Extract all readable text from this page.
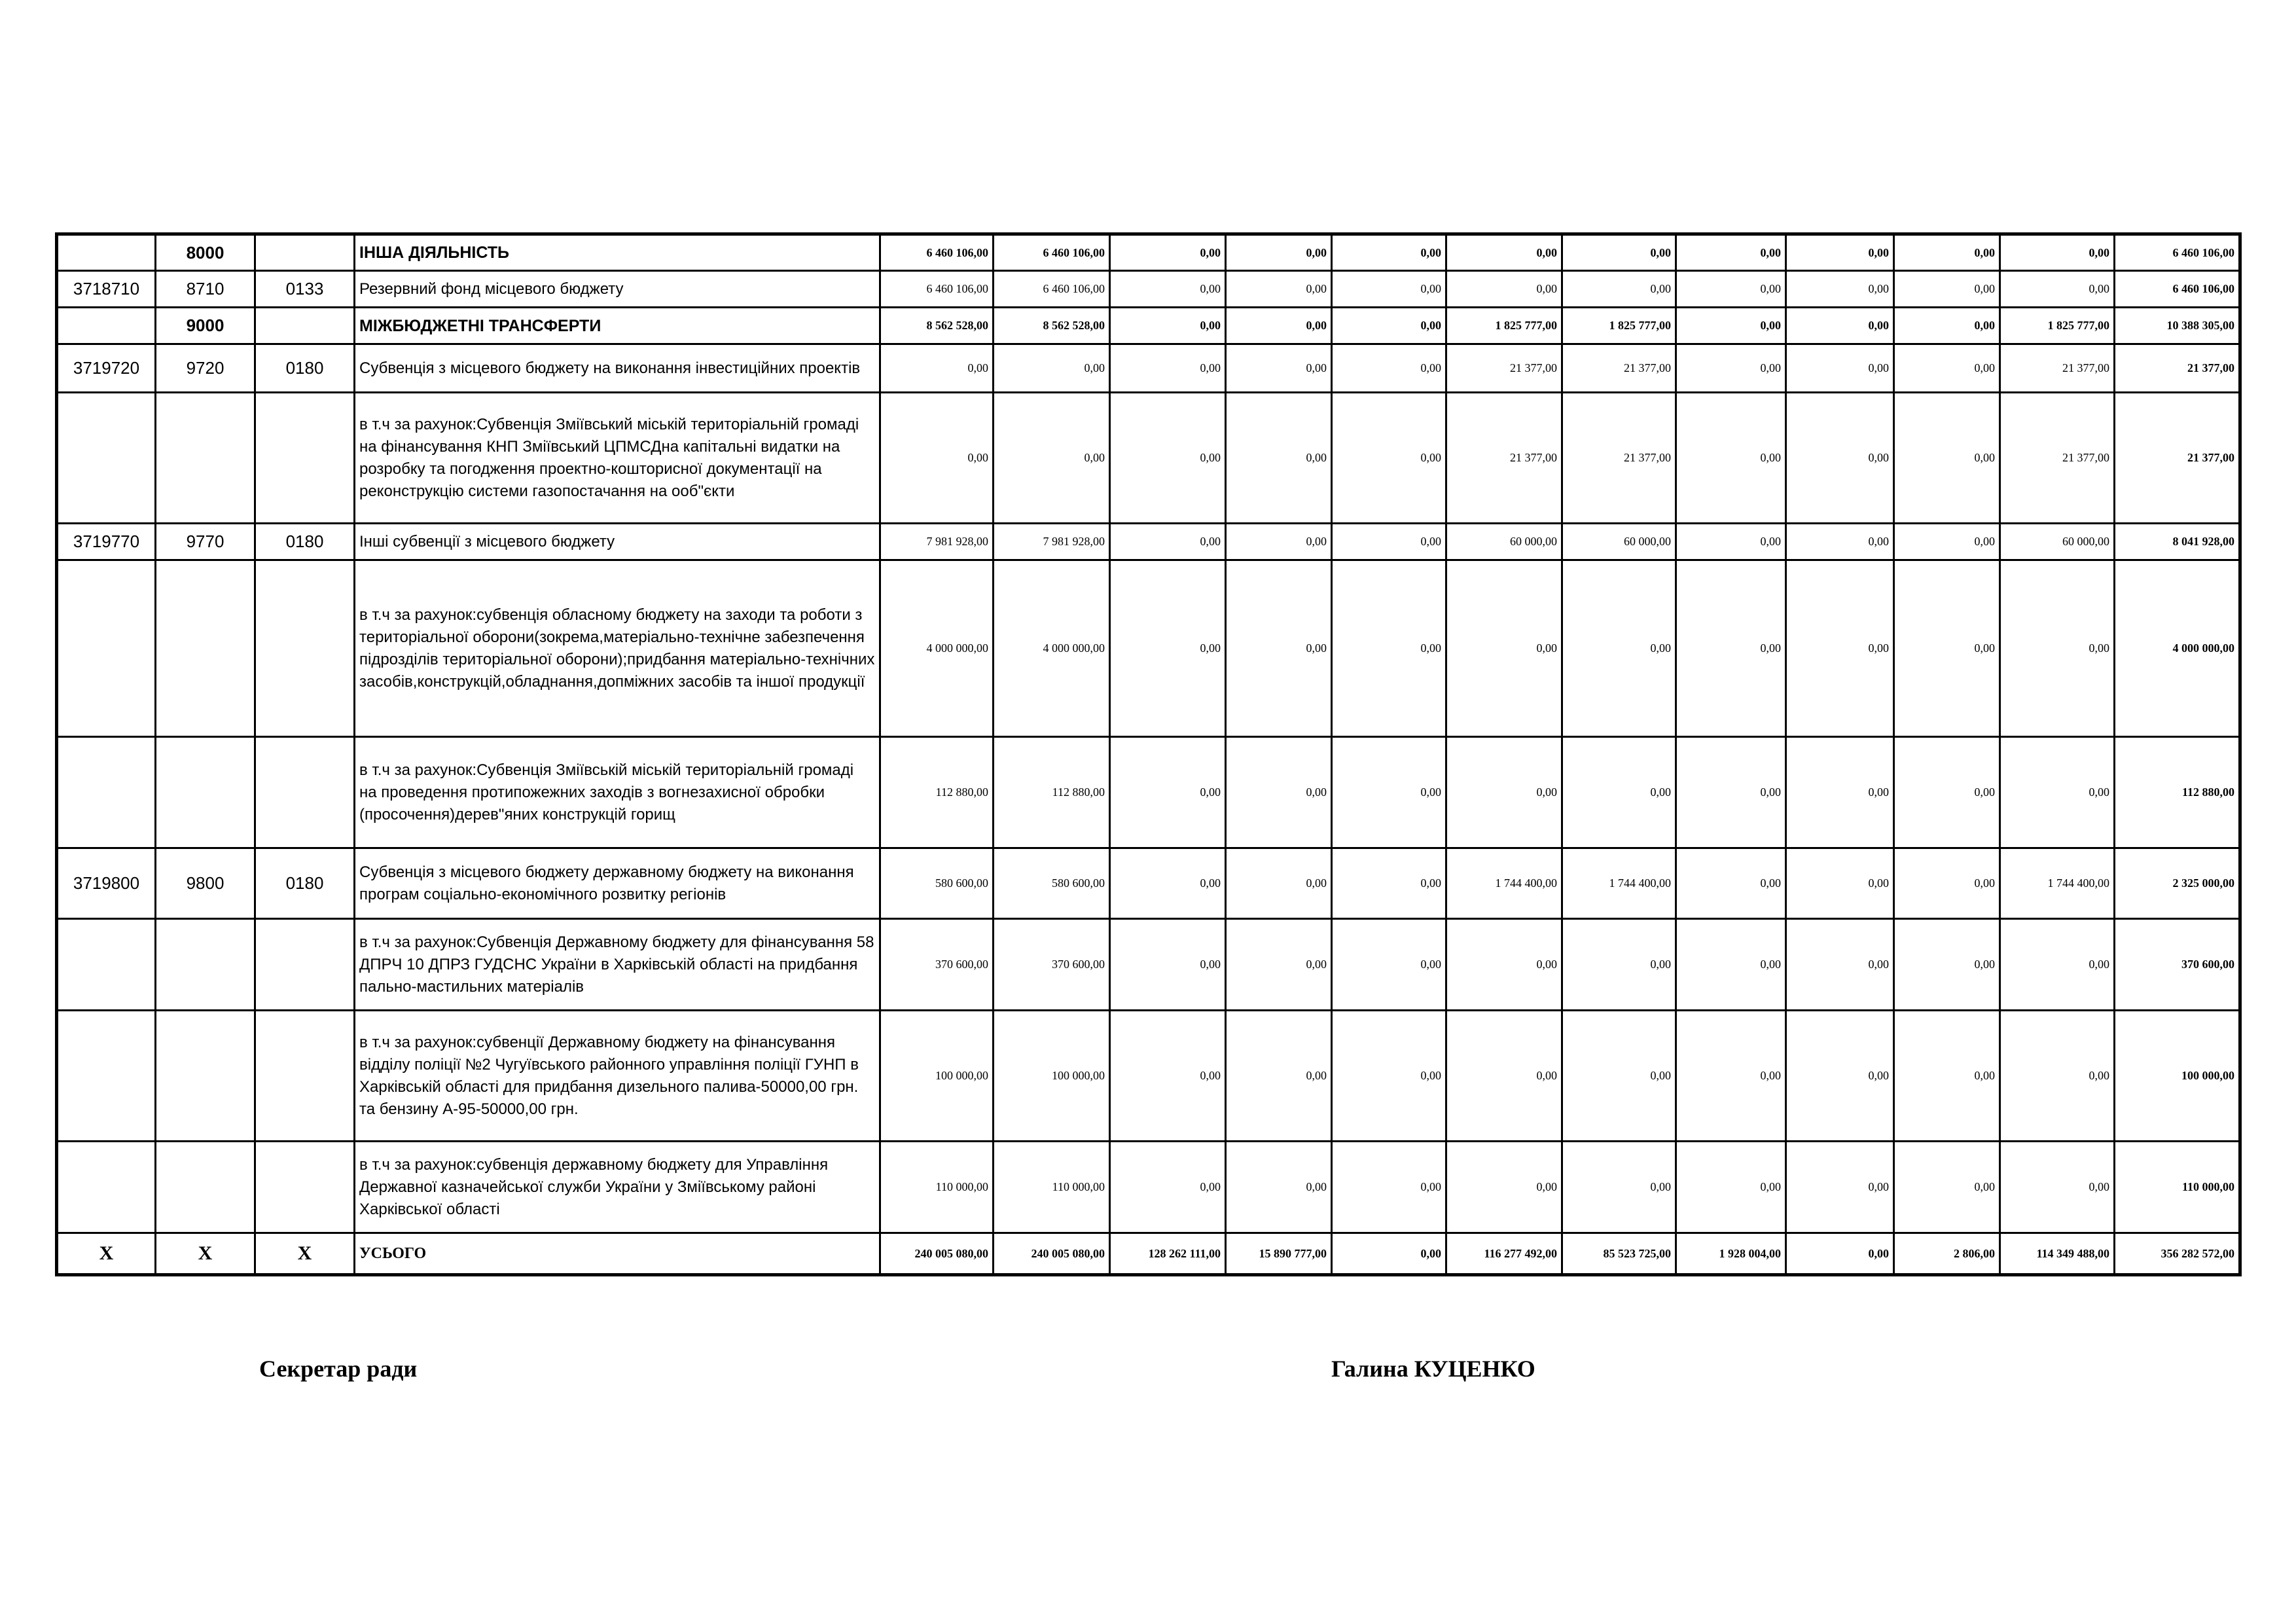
	8000		ІНША ДІЯЛЬНІСТЬ	6 460 106,00	6 460 106,00	0,00	0,00	0,00	0,00	0,00	0,00	0,00	0,00	0,00	6 460 106,00
3718710	8710	0133	Резервний фонд місцевого бюджету	6 460 106,00	6 460 106,00	0,00	0,00	0,00	0,00	0,00	0,00	0,00	0,00	0,00	6 460 106,00
	9000		МІЖБЮДЖЕТНІ ТРАНСФЕРТИ	8 562 528,00	8 562 528,00	0,00	0,00	0,00	1 825 777,00	1 825 777,00	0,00	0,00	0,00	1 825 777,00	10 388 305,00
3719720	9720	0180	Субвенція з місцевого бюджету на виконання інвестиційних проектів	0,00	0,00	0,00	0,00	0,00	21 377,00	21 377,00	0,00	0,00	0,00	21 377,00	21 377,00
			в т.ч за рахунок:Субвенція Зміївський міській територіальній громаді на фінансування КНП Зміївський ЦПМСДна капітальні видатки на розробку та погодження проектно-кошторисної документації на реконструкцію системи газопостачання на ооб"єкти	0,00	0,00	0,00	0,00	0,00	21 377,00	21 377,00	0,00	0,00	0,00	21 377,00	21 377,00
3719770	9770	0180	Інші субвенції з місцевого бюджету	7 981 928,00	7 981 928,00	0,00	0,00	0,00	60 000,00	60 000,00	0,00	0,00	0,00	60 000,00	8 041 928,00
			в т.ч за рахунок:субвенція обласному бюджету на заходи та роботи з територіальної оборони(зокрема,матеріально-технічне забезпечення підрозділів територіальної оборони);придбання матеріально-технічних засобів,конструкцій,обладнання,допміжних засобів та іншої продукції	4 000 000,00	4 000 000,00	0,00	0,00	0,00	0,00	0,00	0,00	0,00	0,00	0,00	4 000 000,00
			в т.ч за рахунок:Субвенція Зміївській міській територіальній громаді на проведення протипожежних заходів з вогнезахисної обробки (просочення)дерев"яних конструкцій горищ	112 880,00	112 880,00	0,00	0,00	0,00	0,00	0,00	0,00	0,00	0,00	0,00	112 880,00
3719800	9800	0180	Субвенція з місцевого бюджету державному бюджету на виконання програм соціально-економічного розвитку регіонів	580 600,00	580 600,00	0,00	0,00	0,00	1 744 400,00	1 744 400,00	0,00	0,00	0,00	1 744 400,00	2 325 000,00
			в т.ч за рахунок:Субвенція Державному бюджету для фінансування 58 ДПРЧ 10 ДПРЗ ГУДСНС України в Харківській області на придбання пально-мастильних матеріалів	370 600,00	370 600,00	0,00	0,00	0,00	0,00	0,00	0,00	0,00	0,00	0,00	370 600,00
			в т.ч за рахунок:субвенції Державному бюджету на фінансування відділу поліції №2 Чугуївського районного управління поліції ГУНП в Харківській області для придбання дизельного палива-50000,00 грн. та бензину А-95-50000,00 грн.	100 000,00	100 000,00	0,00	0,00	0,00	0,00	0,00	0,00	0,00	0,00	0,00	100 000,00
			в т.ч за рахунок:субвенція державному бюджету для Управління Державної казначейської служби України у Зміївському районі Харківської області	110 000,00	110 000,00	0,00	0,00	0,00	0,00	0,00	0,00	0,00	0,00	0,00	110 000,00
Х	Х	Х	УСЬОГО	240 005 080,00	240 005 080,00	128 262 111,00	15 890 777,00	0,00	116 277 492,00	85 523 725,00	1 928 004,00	0,00	2 806,00	114 349 488,00	356 282 572,00
Секретар ради	Галина КУЦЕНКО
